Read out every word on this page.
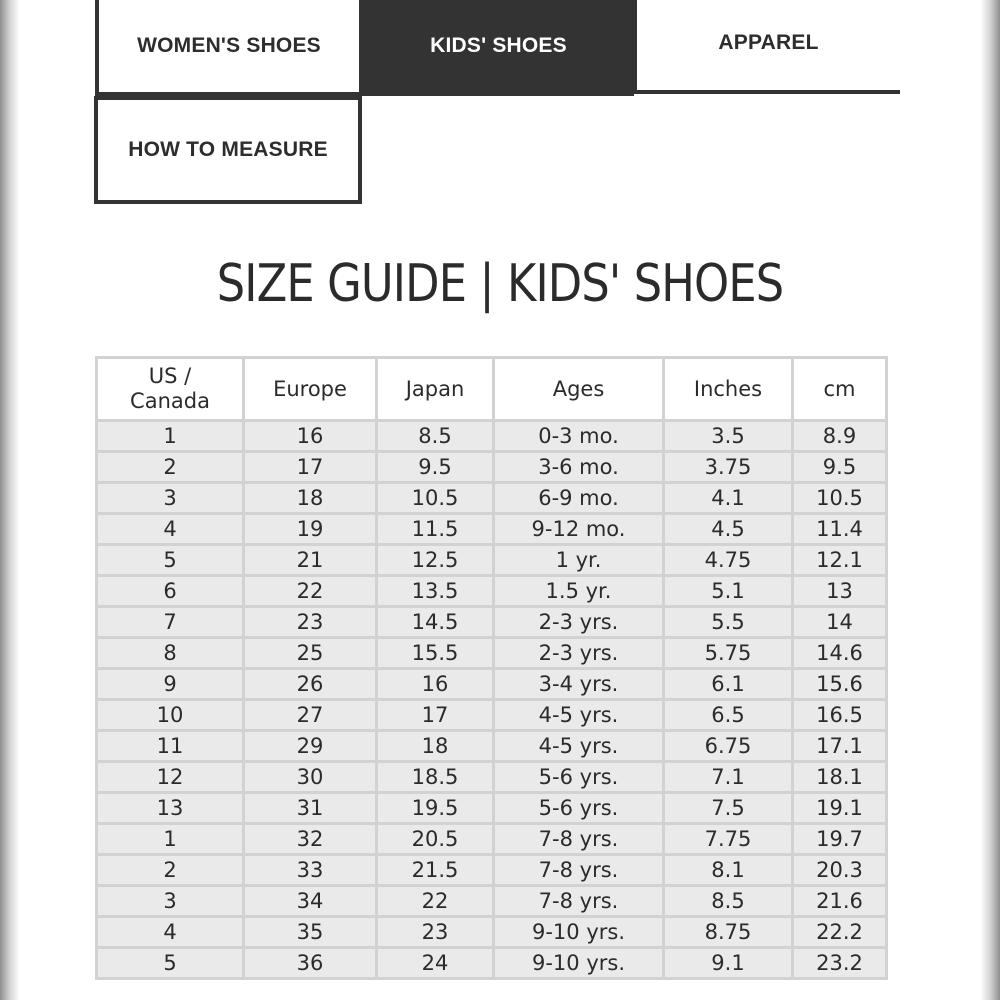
WOMEN'S SHOES	KIDS' SHOES	APPAREL
HOW TO MEASURE
SIZE GUIDE | KIDS' SHOES
US /
Canada	Europe	Japan	Ages	Inches	cm
1	16	8.5	0-3 mo.	3.5	8.9
2	17	9.5	3-6 mo.	3.75	9.5
3	18	10.5	6-9 mo.	4.1	10.5
4	19	11.5	9-12 mo.	4.5	11.4
5	21	12.5	1 yr.	4.75	12.1
6	22	13.5	1.5 yr.	5.1	13
7	23	14.5	2-3 yrs.	5.5	14
8	25	15.5	2-3 yrs.	5.75	14.6
9	26	16	3-4 yrs.	6.1	15.6
10	27	17	4-5 yrs.	6.5	16.5
11	29	18	4-5 yrs.	6.75	17.1
12	30	18.5	5-6 yrs.	7.1	18.1
13	31	19.5	5-6 yrs.	7.5	19.1
1	32	20.5	7-8 yrs.	7.75	19.7
2	33	21.5	7-8 yrs.	8.1	20.3
3	34	22	7-8 yrs.	8.5	21.6
4	35	23	9-10 yrs.	8.75	22.2
5	36	24	9-10 yrs.	9.1	23.2
